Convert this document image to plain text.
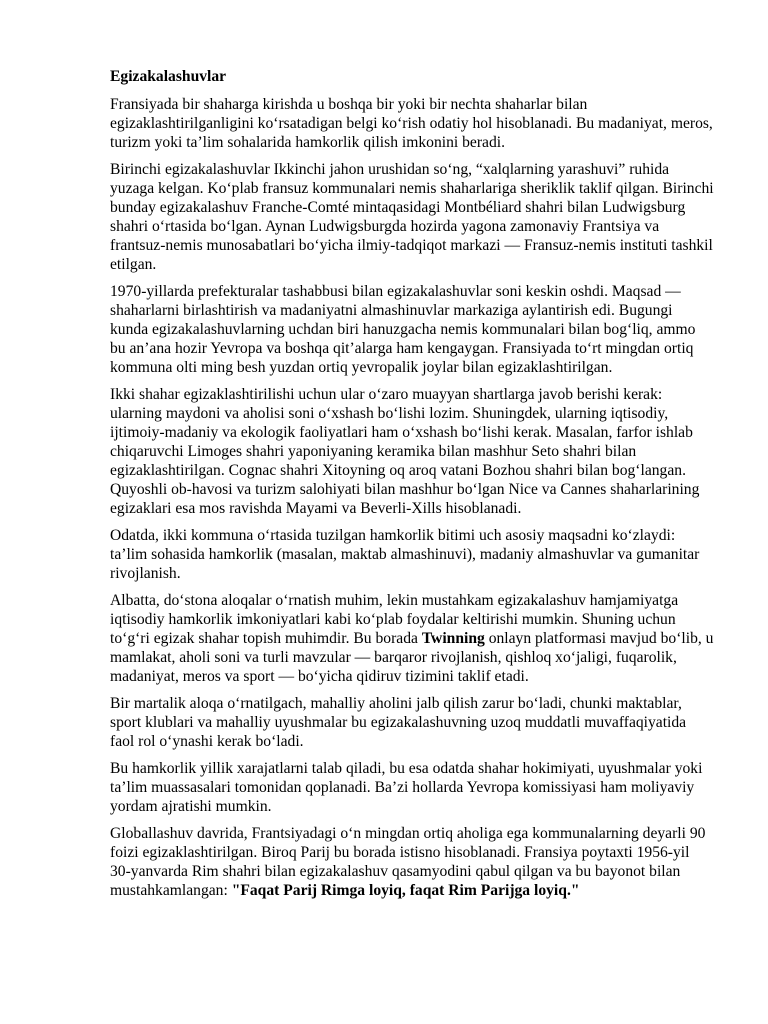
Egizakalashuvlar

Fransiyada bir shaharga kirishda u boshqa bir yoki bir nechta shaharlar bilan egizaklashtirilganligini koʻrsatadigan belgi koʻrish odatiy hol hisoblanadi. Bu madaniyat, meros, turizm yoki taʼlim sohalarida hamkorlik qilish imkonini beradi.

Birinchi egizakalashuvlar Ikkinchi jahon urushidan soʻng, “xalqlarning yarashuvi” ruhida yuzaga kelgan. Koʻplab fransuz kommunalari nemis shaharlariga sheriklik taklif qilgan. Birinchi bunday egizakalashuv Franche-Comté mintaqasidagi Montbéliard shahri bilan Ludwigsburg shahri oʻrtasida boʻlgan. Aynan Ludwigsburgda hozirda yagona zamonaviy Frantsiya va frantsuz-nemis munosabatlari boʻyicha ilmiy-tadqiqot markazi — Fransuz-nemis instituti tashkil etilgan.

1970-yillarda prefekturalar tashabbusi bilan egizakalashuvlar soni keskin oshdi. Maqsad — shaharlarni birlashtirish va madaniyatni almashinuvlar markaziga aylantirish edi. Bugungi kunda egizakalashuvlarning uchdan biri hanuzgacha nemis kommunalari bilan bogʻliq, ammo bu anʼana hozir Yevropa va boshqa qitʼalarga ham kengaygan. Fransiyada toʻrt mingdan ortiq kommuna olti ming besh yuzdan ortiq yevropalik joylar bilan egizaklashtirilgan.

Ikki shahar egizaklashtirilishi uchun ular oʻzaro muayyan shartlarga javob berishi kerak: ularning maydoni va aholisi soni oʻxshash boʻlishi lozim. Shuningdek, ularning iqtisodiy, ijtimoiy-madaniy va ekologik faoliyatlari ham oʻxshash boʻlishi kerak. Masalan, farfor ishlab chiqaruvchi Limoges shahri yaponiyaning keramika bilan mashhur Seto shahri bilan egizaklashtirilgan. Cognac shahri Xitoyning oq aroq vatani Bozhou shahri bilan bogʻlangan. Quyoshli ob-havosi va turizm salohiyati bilan mashhur boʻlgan Nice va Cannes shaharlarining egizaklari esa mos ravishda Mayami va Beverli-Xills hisoblanadi.

Odatda, ikki kommuna oʻrtasida tuzilgan hamkorlik bitimi uch asosiy maqsadni koʻzlaydi: taʼlim sohasida hamkorlik (masalan, maktab almashinuvi), madaniy almashuvlar va gumanitar rivojlanish.

Albatta, doʻstona aloqalar oʻrnatish muhim, lekin mustahkam egizakalashuv hamjamiyatga iqtisodiy hamkorlik imkoniyatlari kabi koʻplab foydalar keltirishi mumkin. Shuning uchun toʻgʻri egizak shahar topish muhimdir. Bu borada Twinning onlayn platformasi mavjud boʻlib, u mamlakat, aholi soni va turli mavzular — barqaror rivojlanish, qishloq xoʻjaligi, fuqarolik, madaniyat, meros va sport — boʻyicha qidiruv tizimini taklif etadi.

Bir martalik aloqa oʻrnatilgach, mahalliy aholini jalb qilish zarur boʻladi, chunki maktablar, sport klublari va mahalliy uyushmalar bu egizakalashuvning uzoq muddatli muvaffaqiyatida faol rol oʻynashi kerak boʻladi.

Bu hamkorlik yillik xarajatlarni talab qiladi, bu esa odatda shahar hokimiyati, uyushmalar yoki taʼlim muassasalari tomonidan qoplanadi. Baʼzi hollarda Yevropa komissiyasi ham moliyaviy yordam ajratishi mumkin.

Globallashuv davrida, Frantsiyadagi oʻn mingdan ortiq aholiga ega kommunalarning deyarli 90 foizi egizaklashtirilgan. Biroq Parij bu borada istisno hisoblanadi. Fransiya poytaxti 1956-yil 30-yanvarda Rim shahri bilan egizakalashuv qasamyodini qabul qilgan va bu bayonot bilan mustahkamlangan: "Faqat Parij Rimga loyiq, faqat Rim Parijga loyiq."
